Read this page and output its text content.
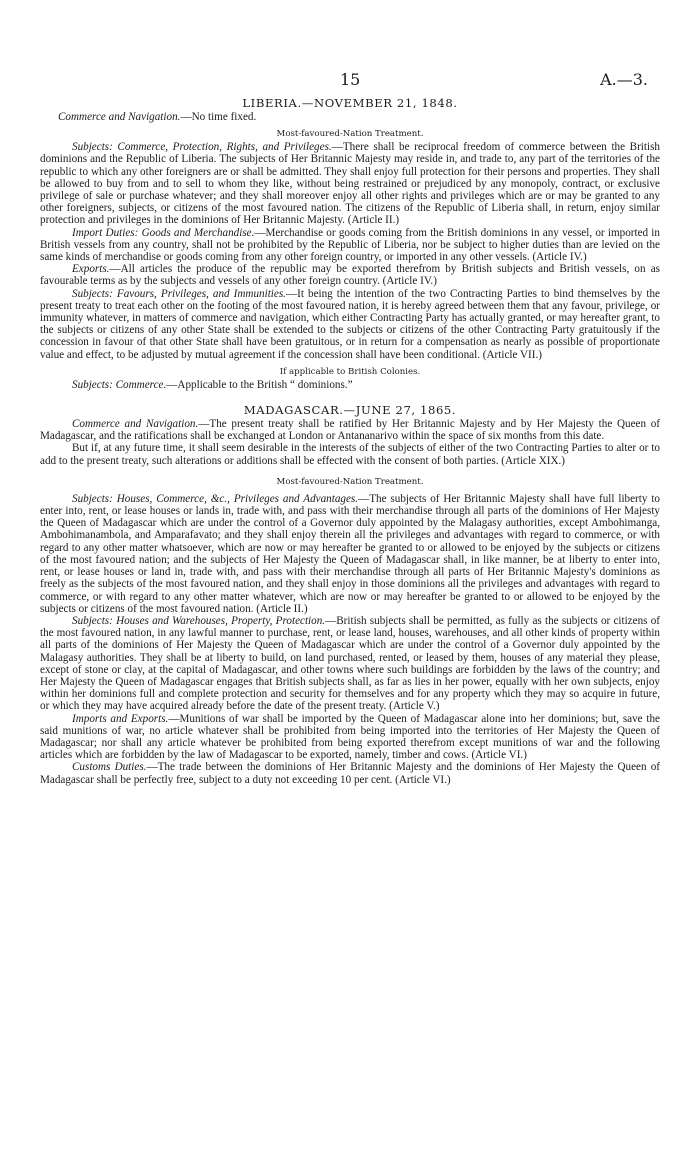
15	A.—3.

LIBERIA.—NOVEMBER 21, 1848.

Commerce and Navigation.—No time fixed.

Most-favoured-Nation Treatment.

Subjects: Commerce, Protection, Rights, and Privileges.—There shall be reciprocal freedom of commerce between the British dominions and the Republic of Liberia. The subjects of Her Britannic Majesty may reside in, and trade to, any part of the territories of the republic to which any other foreigners are or shall be admitted. They shall enjoy full protection for their persons and properties. They shall be allowed to buy from and to sell to whom they like, without being restrained or prejudiced by any monopoly, contract, or exclusive privilege of sale or purchase whatever; and they shall moreover enjoy all other rights and privileges which are or may be granted to any other foreigners, subjects, or citizens of the most favoured nation. The citizens of the Republic of Liberia shall, in return, enjoy similar protection and privileges in the dominions of Her Britannic Majesty. (Article II.)

Import Duties: Goods and Merchandise.—Merchandise or goods coming from the British dominions in any vessel, or imported in British vessels from any country, shall not be prohibited by the Republic of Liberia, nor be subject to higher duties than are levied on the same kinds of merchandise or goods coming from any other foreign country, or imported in any other vessels. (Article IV.)

Exports.—All articles the produce of the republic may be exported therefrom by British subjects and British vessels, on as favourable terms as by the subjects and vessels of any other foreign country. (Article IV.)

Subjects: Favours, Privileges, and Immunities.—It being the intention of the two Contracting Parties to bind themselves by the present treaty to treat each other on the footing of the most favoured nation, it is hereby agreed between them that any favour, privilege, or immunity whatever, in matters of commerce and navigation, which either Contracting Party has actually granted, or may hereafter grant, to the subjects or citizens of any other State shall be extended to the subjects or citizens of the other Contracting Party gratuitously if the concession in favour of that other State shall have been gratuitous, or in return for a compensation as nearly as possible of proportionate value and effect, to be adjusted by mutual agreement if the concession shall have been conditional. (Article VII.)

If applicable to British Colonies.

Subjects: Commerce.—Applicable to the British “ dominions.”

MADAGASCAR.—JUNE 27, 1865.

Commerce and Navigation.—The present treaty shall be ratified by Her Britannic Majesty and by Her Majesty the Queen of Madagascar, and the ratifications shall be exchanged at London or Antananarivo within the space of six months from this date.

But if, at any future time, it shall seem desirable in the interests of the subjects of either of the two Contracting Parties to alter or to add to the present treaty, such alterations or additions shall be effected with the consent of both parties. (Article XIX.)

Most-favoured-Nation Treatment.

Subjects: Houses, Commerce, &c., Privileges and Advantages.—The subjects of Her Britannic Majesty shall have full liberty to enter into, rent, or lease houses or lands in, trade with, and pass with their merchandise through all parts of the dominions of Her Majesty the Queen of Madagascar which are under the control of a Governor duly appointed by the Malagasy authorities, except Ambohimanga, Ambohimanambola, and Amparafavato; and they shall enjoy therein all the privileges and advantages with regard to commerce, or with regard to any other matter whatsoever, which are now or may hereafter be granted to or allowed to be enjoyed by the subjects or citizens of the most favoured nation; and the subjects of Her Majesty the Queen of Madagascar shall, in like manner, be at liberty to enter into, rent, or lease houses or land in, trade with, and pass with their merchandise through all parts of Her Britannic Majesty's dominions as freely as the subjects of the most favoured nation, and they shall enjoy in those dominions all the privileges and advantages with regard to commerce, or with regard to any other matter whatever, which are now or may hereafter be granted to or allowed to be enjoyed by the subjects or citizens of the most favoured nation. (Article II.)

Subjects: Houses and Warehouses, Property, Protection.—British subjects shall be permitted, as fully as the subjects or citizens of the most favoured nation, in any lawful manner to purchase, rent, or lease land, houses, warehouses, and all other kinds of property within all parts of the dominions of Her Majesty the Queen of Madagascar which are under the control of a Governor duly appointed by the Malagasy authorities. They shall be at liberty to build, on land purchased, rented, or leased by them, houses of any material they please, except of stone or clay, at the capital of Madagascar, and other towns where such buildings are forbidden by the laws of the country; and Her Majesty the Queen of Madagascar engages that British subjects shall, as far as lies in her power, equally with her own subjects, enjoy within her dominions full and complete protection and security for themselves and for any property which they may so acquire in future, or which they may have acquired already before the date of the present treaty. (Article V.)

Imports and Exports.—Munitions of war shall be imported by the Queen of Madagascar alone into her dominions; but, save the said munitions of war, no article whatever shall be prohibited from being imported into the territories of Her Majesty the Queen of Madagascar; nor shall any article whatever be prohibited from being exported therefrom except munitions of war and the following articles which are forbidden by the law of Madagascar to be exported, namely, timber and cows. (Article VI.)

Customs Duties.—The trade between the dominions of Her Britannic Majesty and the dominions of Her Majesty the Queen of Madagascar shall be perfectly free, subject to a duty not exceeding 10 per cent. (Article VI.)
